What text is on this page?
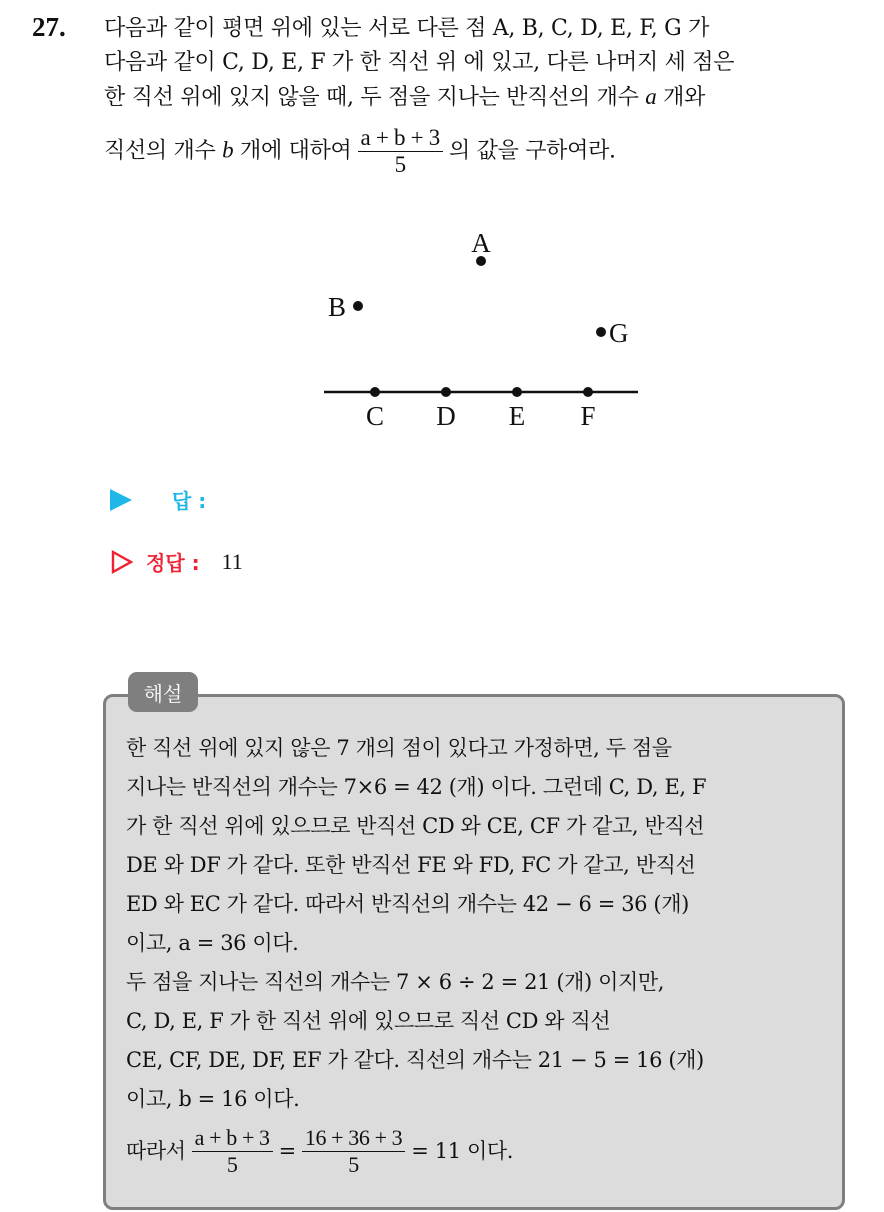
27. 다음과 같이 평면 위에 있는 서로 다른 점 A, B, C, D, E, F, G 가
다음과 같이 C, D, E, F 가 한 직선 위 에 있고, 다른 나머지 세 점은
한 직선 위에 있지 않을 때, 두 점을 지나는 반직선의 개수 a 개와
직선의 개수 b 개에 대하여 $\frac{a + b + 3}{5}$ 의 값을 구하여라.
A
B
G
C D E F
답 :
정답 : 11
해설
한 직선 위에 있지 않은 7 개의 점이 있다고 가정하면, 두 점을
지나는 반직선의 개수는 7×6 = 42 (개) 이다. 그런데 C, D, E, F
가 한 직선 위에 있으므로 반직선 CD 와 CE, CF 가 같고, 반직선
DE 와 DF 가 같다. 또한 반직선 FE 와 FD, FC 가 같고, 반직선
ED 와 EC 가 같다. 따라서 반직선의 개수는 42 − 6 = 36 (개)
이고, a = 36 이다.
두 점을 지나는 직선의 개수는 7 × 6 ÷ 2 = 21 (개) 이지만,
C, D, E, F 가 한 직선 위에 있으므로 직선 CD 와 직선
CE, CF, DE, DF, EF 가 같다. 직선의 개수는 21 − 5 = 16 (개)
이고, b = 16 이다.
따라서 $\frac{a + b + 3}{5} = \frac{16 + 36 + 3}{5} = 11$ 이다.
